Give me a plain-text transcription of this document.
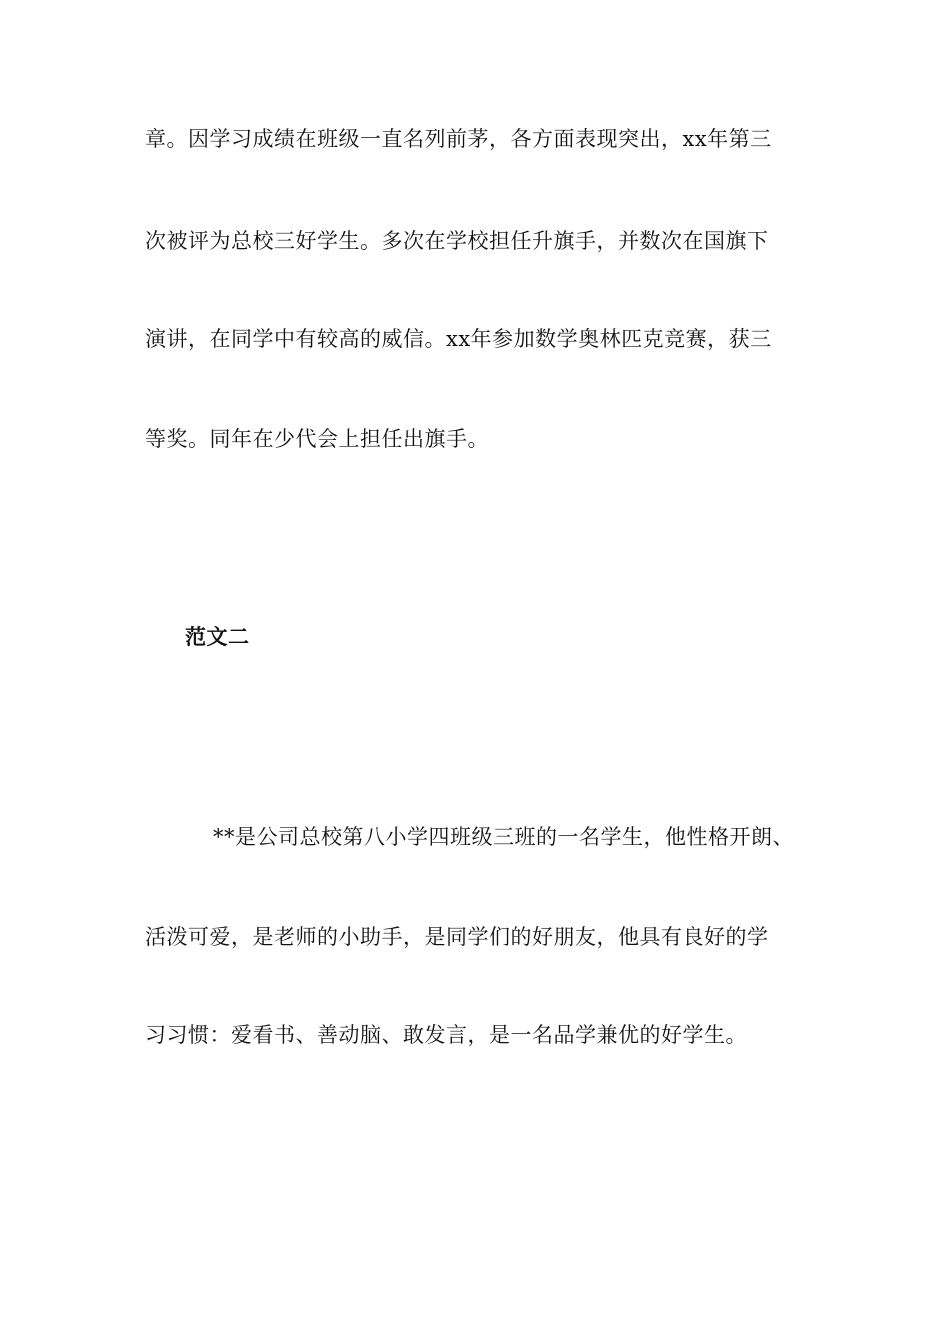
章。因学习成绩在班级一直名列前茅，各方面表现突出，xx年第三

次被评为总校三好学生。多次在学校担任升旗手，并数次在国旗下

演讲，在同学中有较高的威信。xx年参加数学奥林匹克竞赛，获三

等奖。同年在少代会上担任出旗手。

范文二

**是公司总校第八小学四班级三班的一名学生，他性格开朗、

活泼可爱，是老师的小助手，是同学们的好朋友，他具有良好的学

习习惯：爱看书、善动脑、敢发言，是一名品学兼优的好学生。
